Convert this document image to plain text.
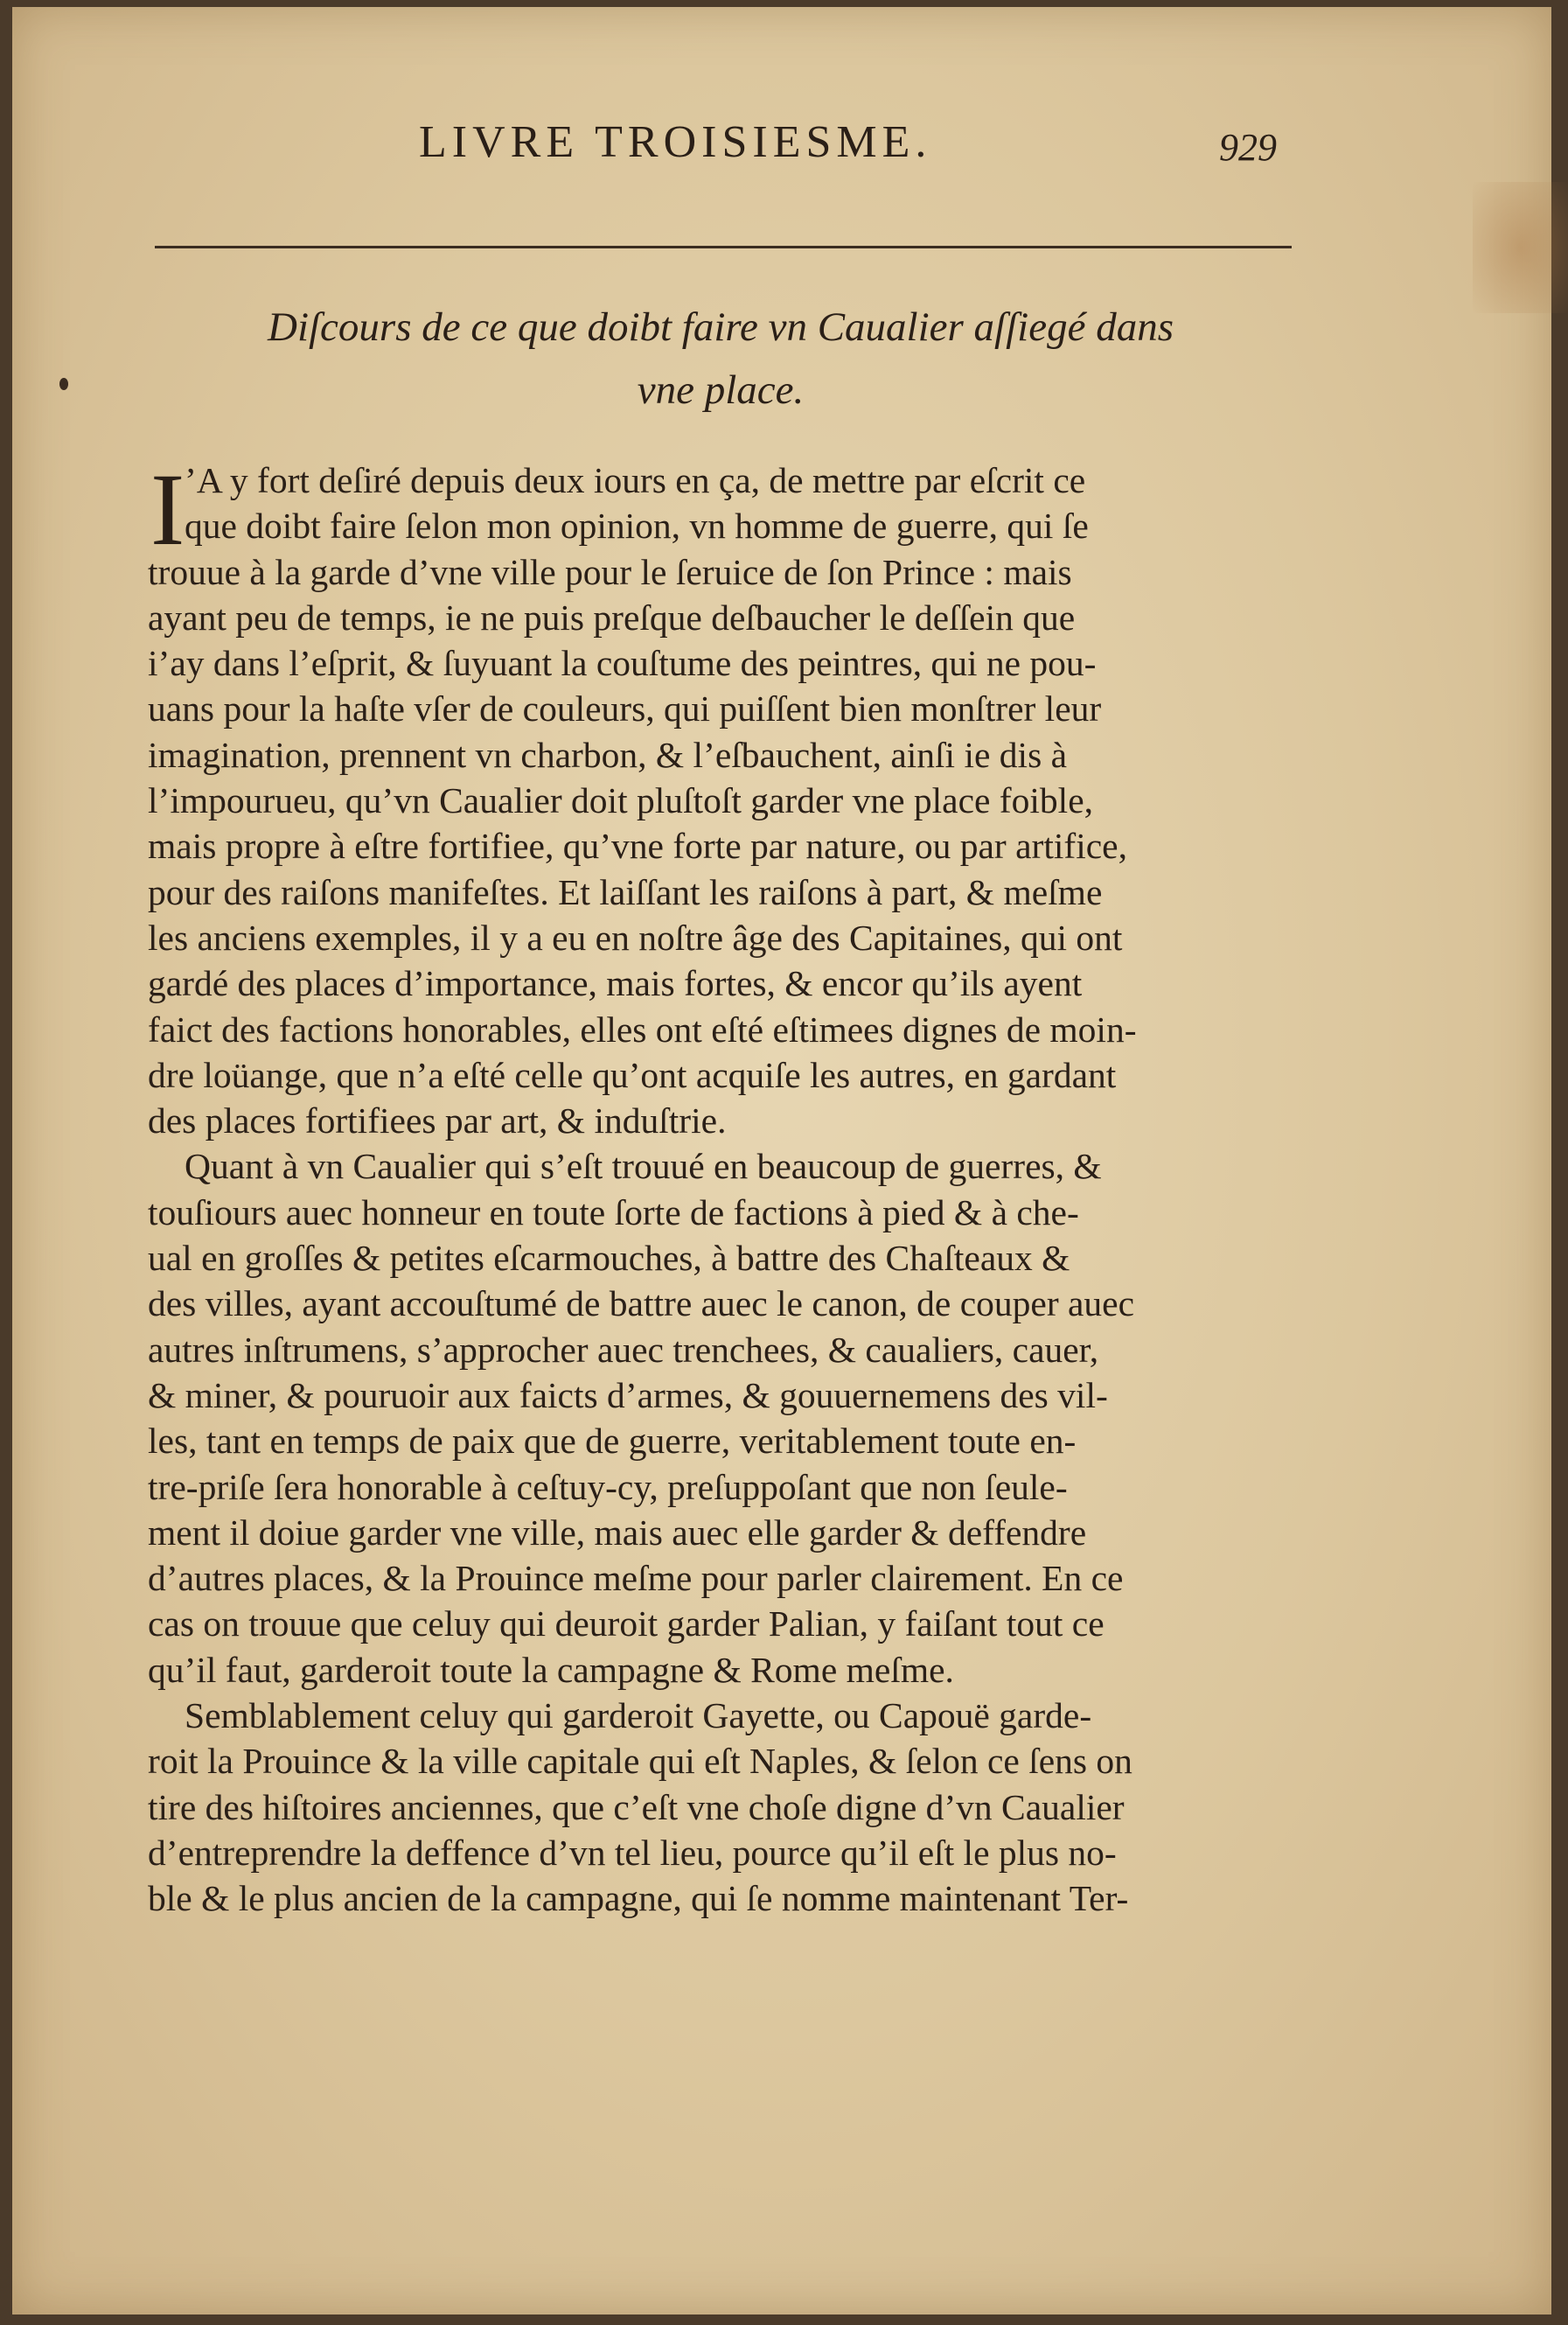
LIVRE TROISIESME.	929
Diſcours de ce que doibt faire vn Caualier aſſiegé dans
vne place.
I ’A y fort deſiré depuis deux iours en ça, de mettre par eſcrit ce
que doibt faire ſelon mon opinion, vn homme de guerre, qui ſe
trouue à la garde d’vne ville pour le ſeruice de ſon Prince : mais
ayant peu de temps, ie ne puis preſque deſbaucher le deſſein que
i’ay dans l’eſprit, & ſuyuant la couſtume des peintres, qui ne pou-
uans pour la haſte vſer de couleurs, qui puiſſent bien monſtrer leur
imagination, prennent vn charbon, & l’eſbauchent, ainſi ie dis à
l’impourueu, qu’vn Caualier doit pluſtoſt garder vne place foible,
mais propre à eſtre fortifiee, qu’vne forte par nature, ou par artifice,
pour des raiſons manifeſtes. Et laiſſant les raiſons à part, & meſme
les anciens exemples, il y a eu en noſtre âge des Capitaines, qui ont
gardé des places d’importance, mais fortes, & encor qu’ils ayent
faict des factions honorables, elles ont eſté eſtimees dignes de moin-
dre loüange, que n’a eſté celle qu’ont acquiſe les autres, en gardant
des places fortifiees par art, & induſtrie.
Quant à vn Caualier qui s’eſt trouué en beaucoup de guerres, &
touſiours auec honneur en toute ſorte de factions à pied & à che-
ual en groſſes & petites eſcarmouches, à battre des Chaſteaux &
des villes, ayant accouſtumé de battre auec le canon, de couper auec
autres inſtrumens, s’approcher auec trenchees, & caualiers, cauer,
& miner, & pouruoir aux faicts d’armes, & gouuernemens des vil-
les, tant en temps de paix que de guerre, veritablement toute en-
tre-priſe ſera honorable à ceſtuy-cy, preſuppoſant que non ſeule-
ment il doiue garder vne ville, mais auec elle garder & deffendre
d’autres places, & la Prouince meſme pour parler clairement. En ce
cas on trouue que celuy qui deuroit garder Palian, y faiſant tout ce
qu’il faut, garderoit toute la campagne & Rome meſme.
Semblablement celuy qui garderoit Gayette, ou Capouë garde-
roit la Prouince & la ville capitale qui eſt Naples, & ſelon ce ſens on
tire des hiſtoires anciennes, que c’eſt vne choſe digne d’vn Caualier
d’entreprendre la deffence d’vn tel lieu, pource qu’il eſt le plus no-
ble & le plus ancien de la campagne, qui ſe nomme maintenant Ter-
